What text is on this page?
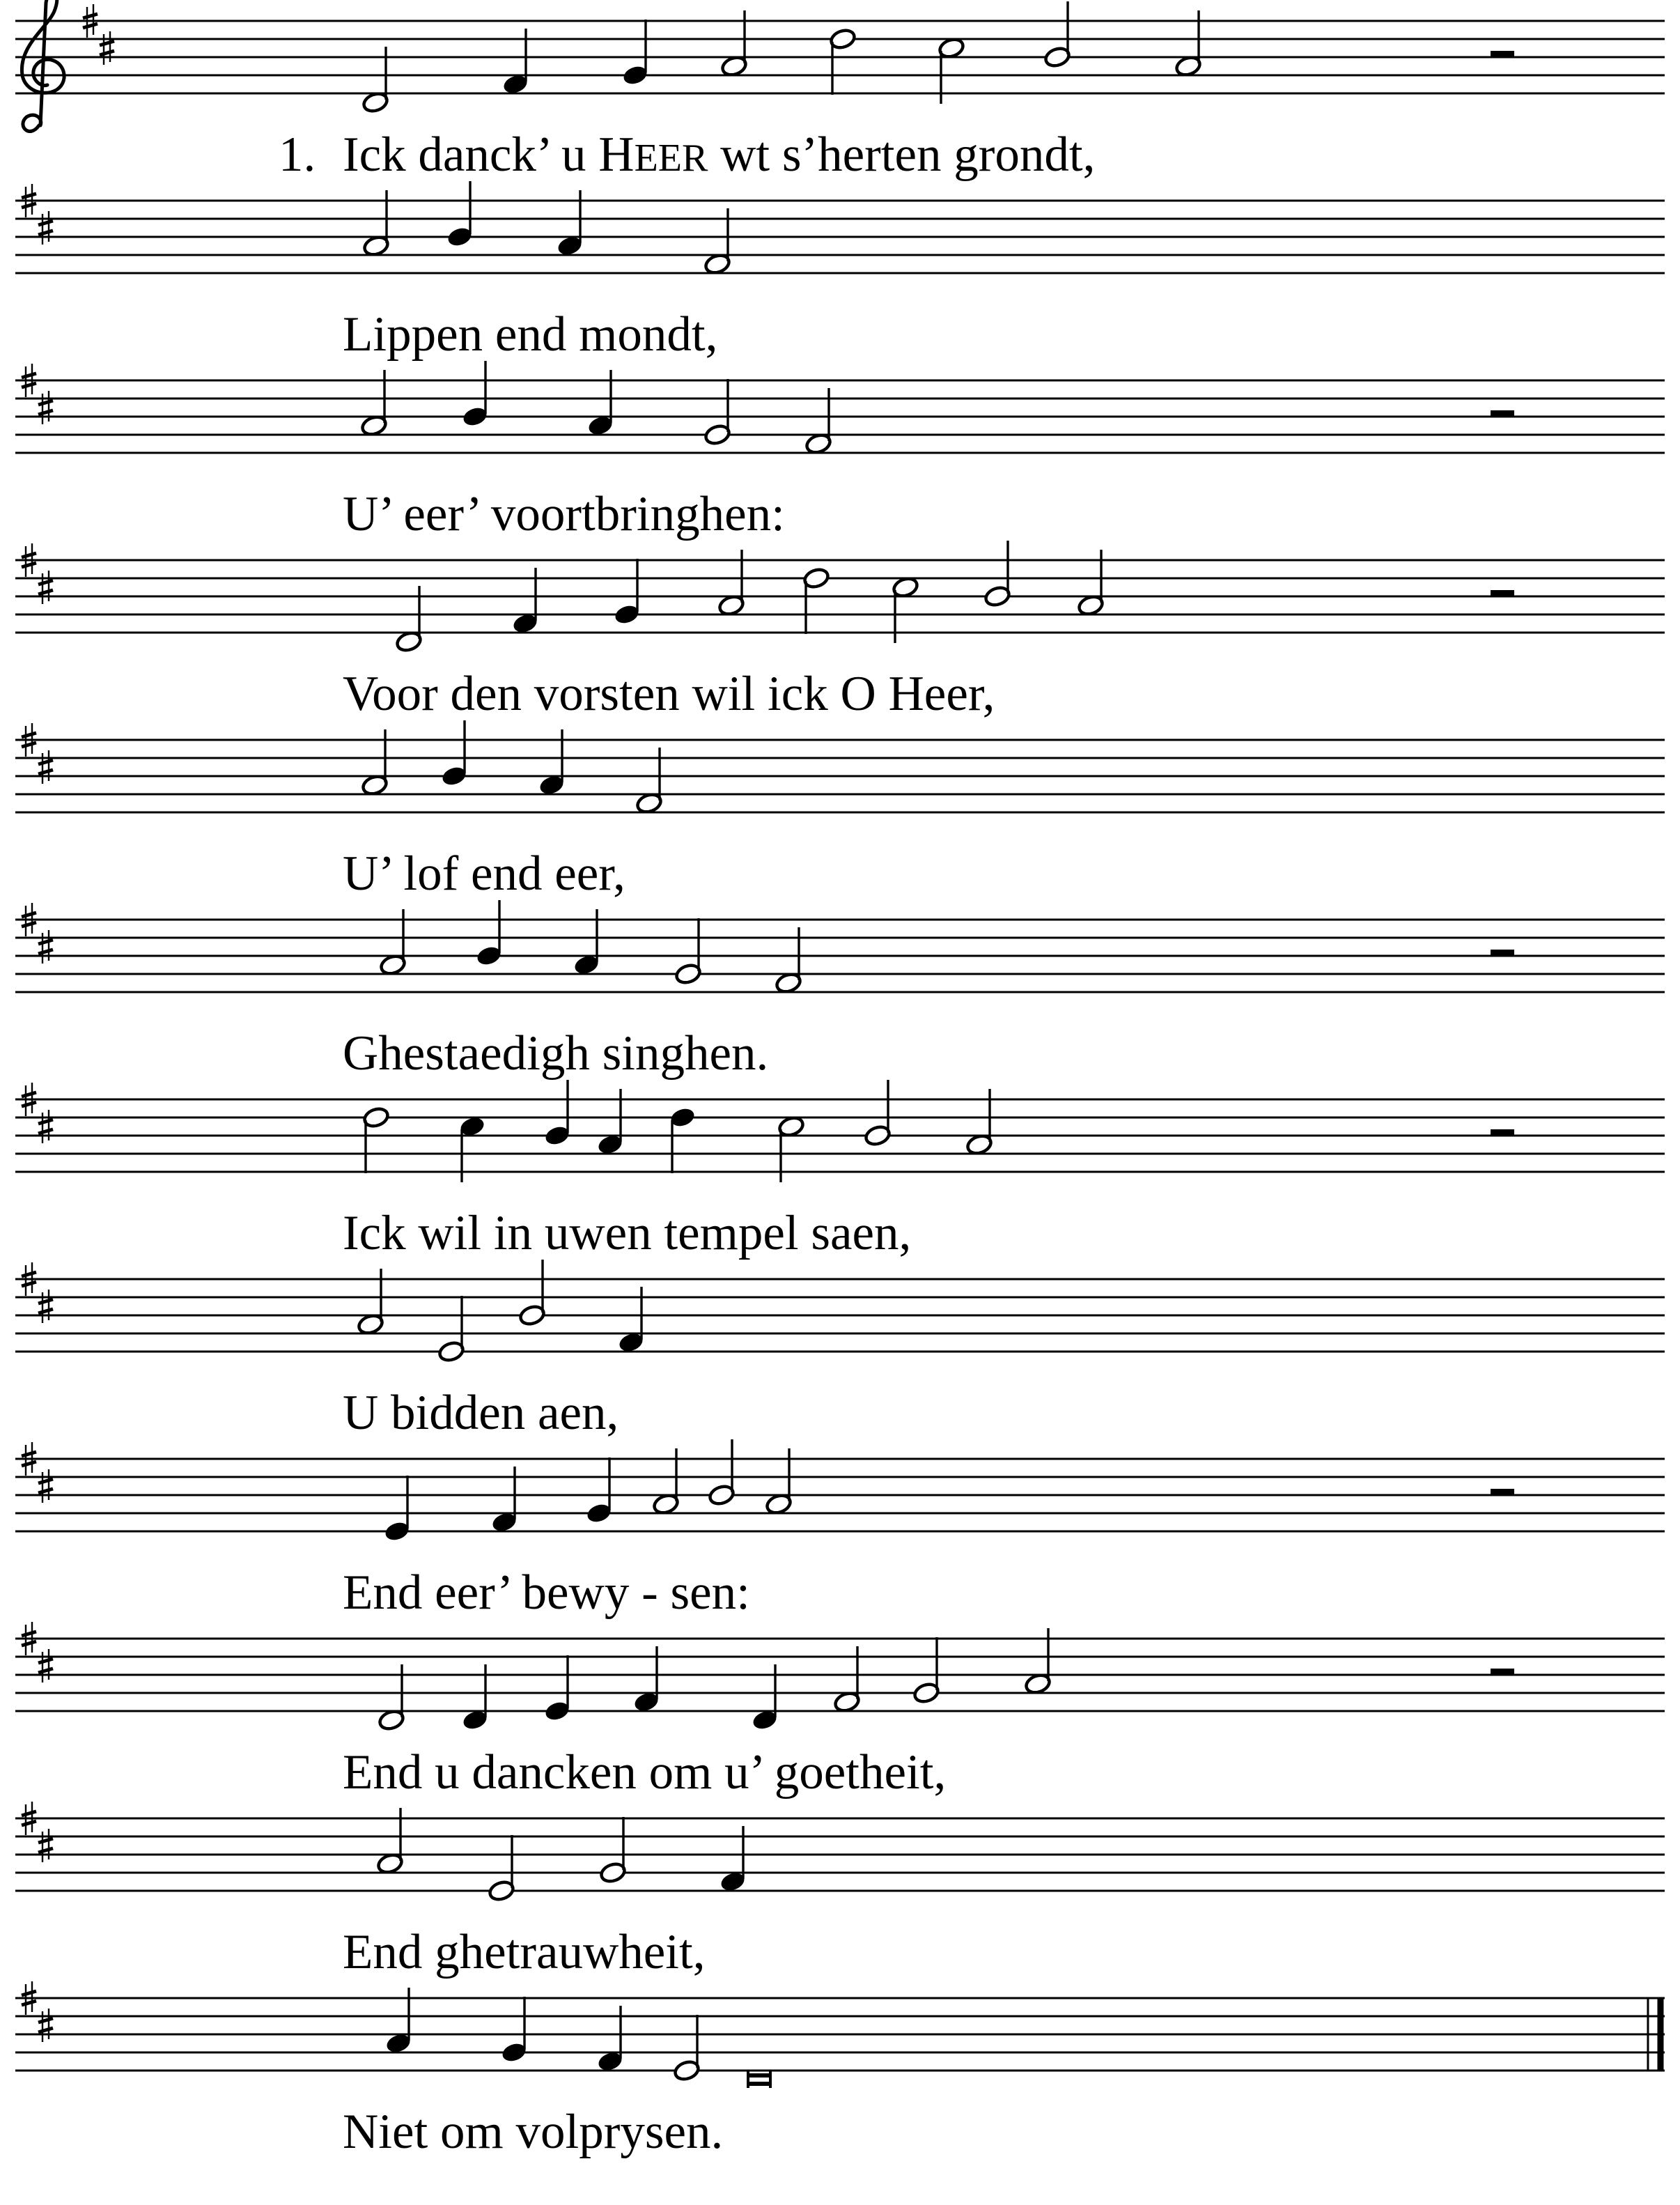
1. Ick danck’ u HEER wt s’herten grondt,
Lippen end mondt,
U’ eer’ voortbringhen:
Voor den vorsten wil ick O Heer,
U’ lof end eer,
Ghestaedigh singhen.
Ick wil in uwen tempel saen,
U bidden aen,
End eer’ bewy - sen:
End u dancken om u’ goetheit,
End ghetrauwheit,
Niet om volprysen.
